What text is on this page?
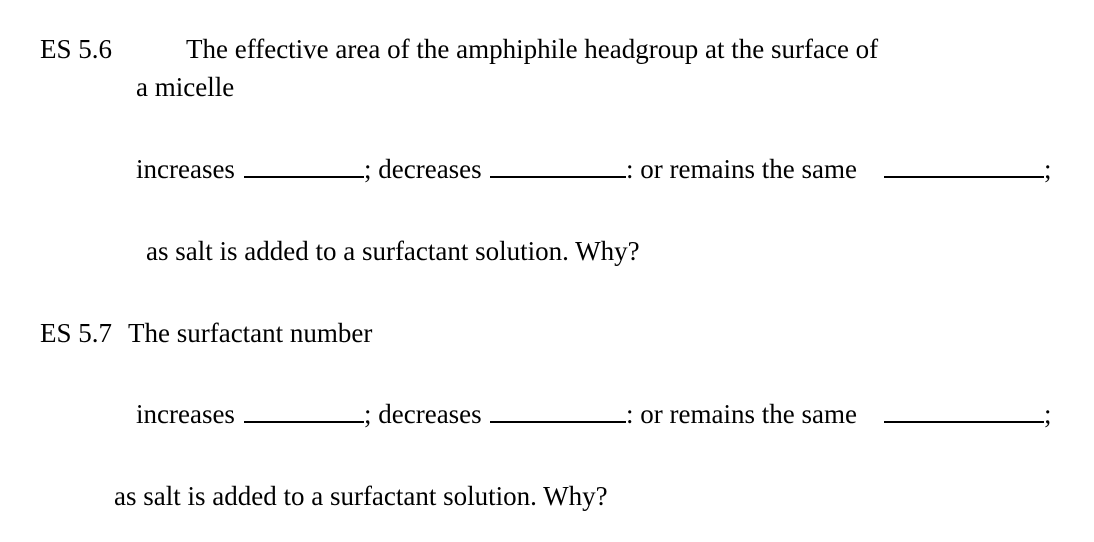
ES 5.6	The effective area of the amphiphile headgroup at the surface of
a micelle
increases	; decreases	: or remains the same	;
as salt is added to a surfactant solution. Why?
ES 5.7 The surfactant number
increases	; decreases	: or remains the same	;
as salt is added to a surfactant solution. Why?
